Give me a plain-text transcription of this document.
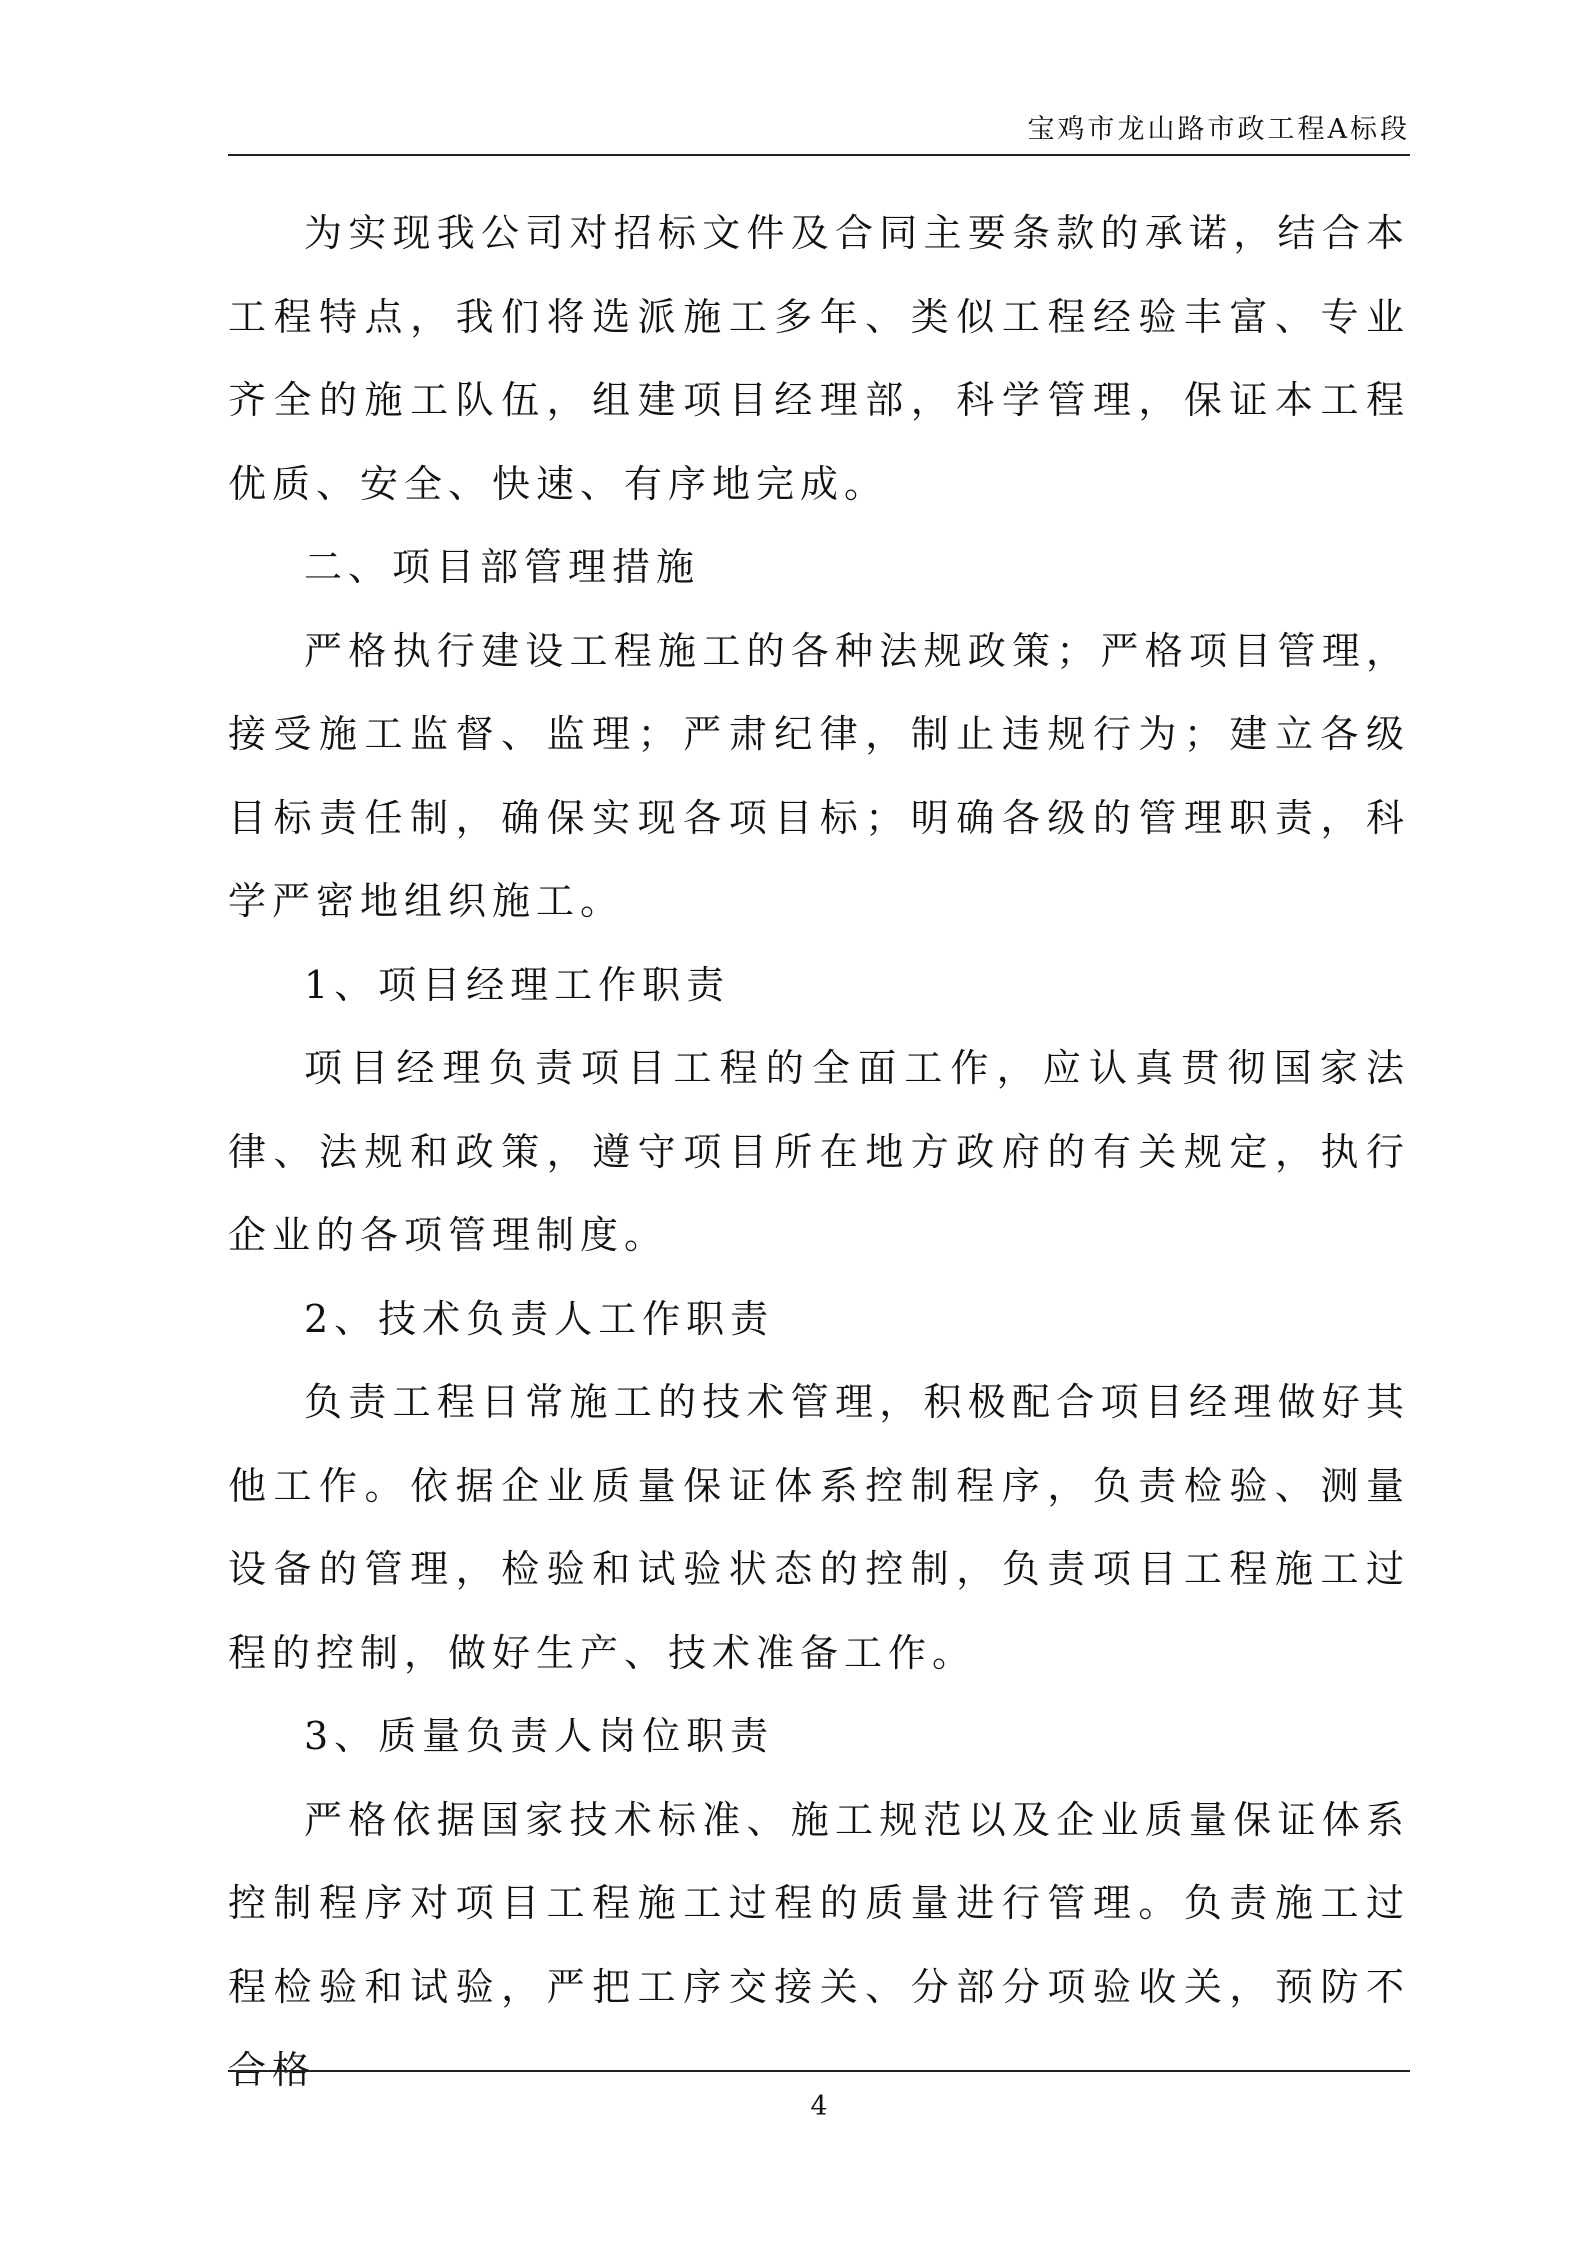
宝鸡市龙山路市政工程A标段

为实现我公司对招标文件及合同主要条款的承诺，结合本工程特点，我们将选派施工多年、类似工程经验丰富、专业齐全的施工队伍，组建项目经理部，科学管理，保证本工程优质、安全、快速、有序地完成。

二、项目部管理措施

严格执行建设工程施工的各种法规政策；严格项目管理，接受施工监督、监理；严肃纪律，制止违规行为；建立各级目标责任制，确保实现各项目标；明确各级的管理职责，科学严密地组织施工。

1、项目经理工作职责

项目经理负责项目工程的全面工作，应认真贯彻国家法律、法规和政策，遵守项目所在地方政府的有关规定，执行企业的各项管理制度。

2、技术负责人工作职责

负责工程日常施工的技术管理，积极配合项目经理做好其他工作。依据企业质量保证体系控制程序，负责检验、测量设备的管理，检验和试验状态的控制，负责项目工程施工过程的控制，做好生产、技术准备工作。

3、质量负责人岗位职责

严格依据国家技术标准、施工规范以及企业质量保证体系控制程序对项目工程施工过程的质量进行管理。负责施工过程检验和试验，严把工序交接关、分部分项验收关，预防不合格

4
